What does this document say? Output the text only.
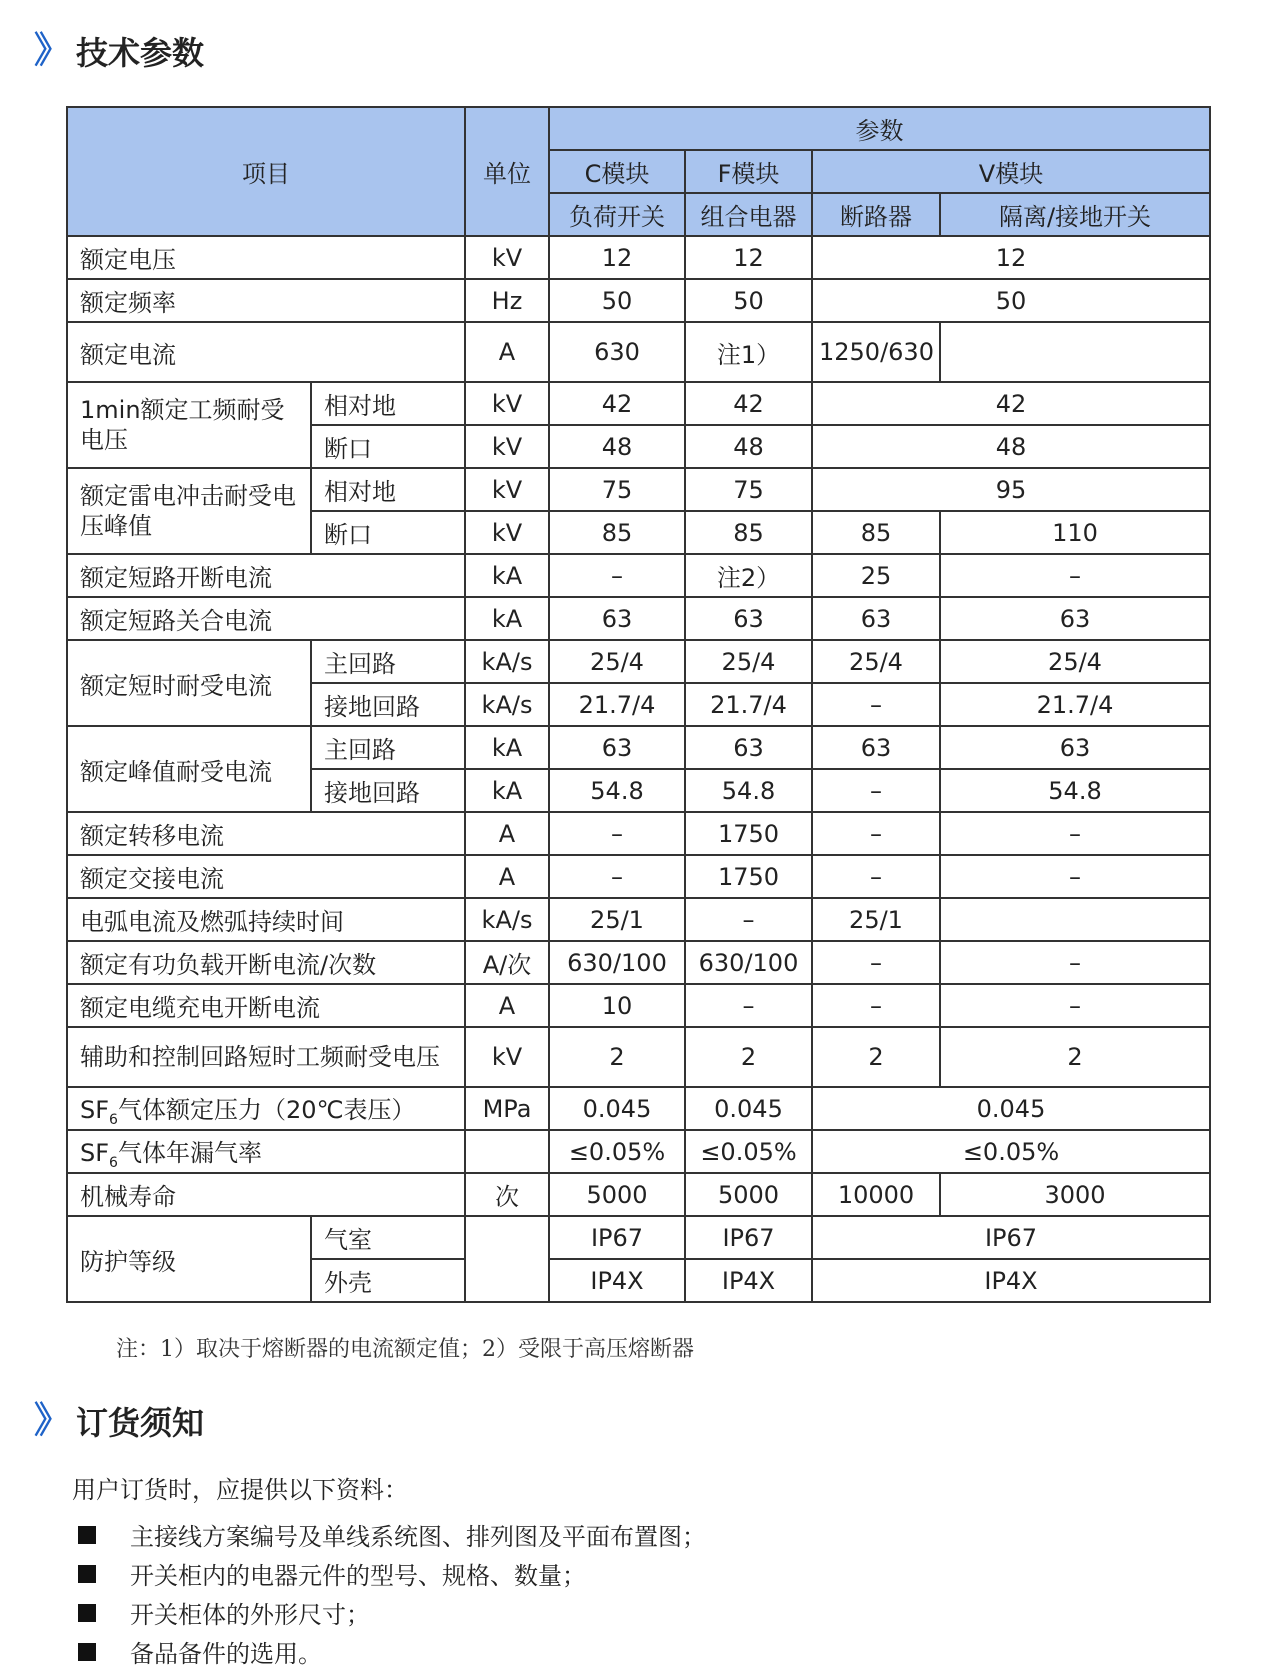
》 技术参数
项目		单位	参数			
			C模块	F模块	V模块	
			负荷开关	组合电器	断路器	隔离/接地开关
额定电压		kV	12	12	12	
额定频率		Hz	50	50	50	
额定电流		A	630	注1）	1250/630	
1min额定工频耐受电压	相对地	kV	42	42	42	
	断口	kV	48	48	48	
额定雷电冲击耐受电压峰值	相对地	kV	75	75	95	
	断口	kV	85	85	85	110
额定短路开断电流		kA	–	注2）	25	–
额定短路关合电流		kA	63	63	63	63
额定短时耐受电流	主回路	kA/s	25/4	25/4	25/4	25/4
	接地回路	kA/s	21.7/4	21.7/4	–	21.7/4
额定峰值耐受电流	主回路	kA	63	63	63	63
	接地回路	kA	54.8	54.8	–	54.8
额定转移电流		A	–	1750	–	–
额定交接电流		A	–	1750	–	–
电弧电流及燃弧持续时间		kA/s	25/1	–	25/1	
额定有功负载开断电流/次数		A/次	630/100	630/100	–	–
额定电缆充电开断电流		A	10	–	–	–
辅助和控制回路短时工频耐受电压		kV	2	2	2	2
$SF_6$气体额定压力（20℃表压）		MPa	0.045	0.045	0.045	
$SF_6$气体年漏气率			≤0.05%	≤0.05%	≤0.05%	
机械寿命		次	5000	5000	10000	3000
防护等级	气室		IP67	IP67	IP67	
	外壳		IP4X	IP4X	IP4X	
注：1）取决于熔断器的电流额定值；2）受限于高压熔断器
》 订货须知
用户订货时，应提供以下资料：
主接线方案编号及单线系统图、排列图及平面布置图；
开关柜内的电器元件的型号、规格、数量；
开关柜体的外形尺寸；
备品备件的选用。
